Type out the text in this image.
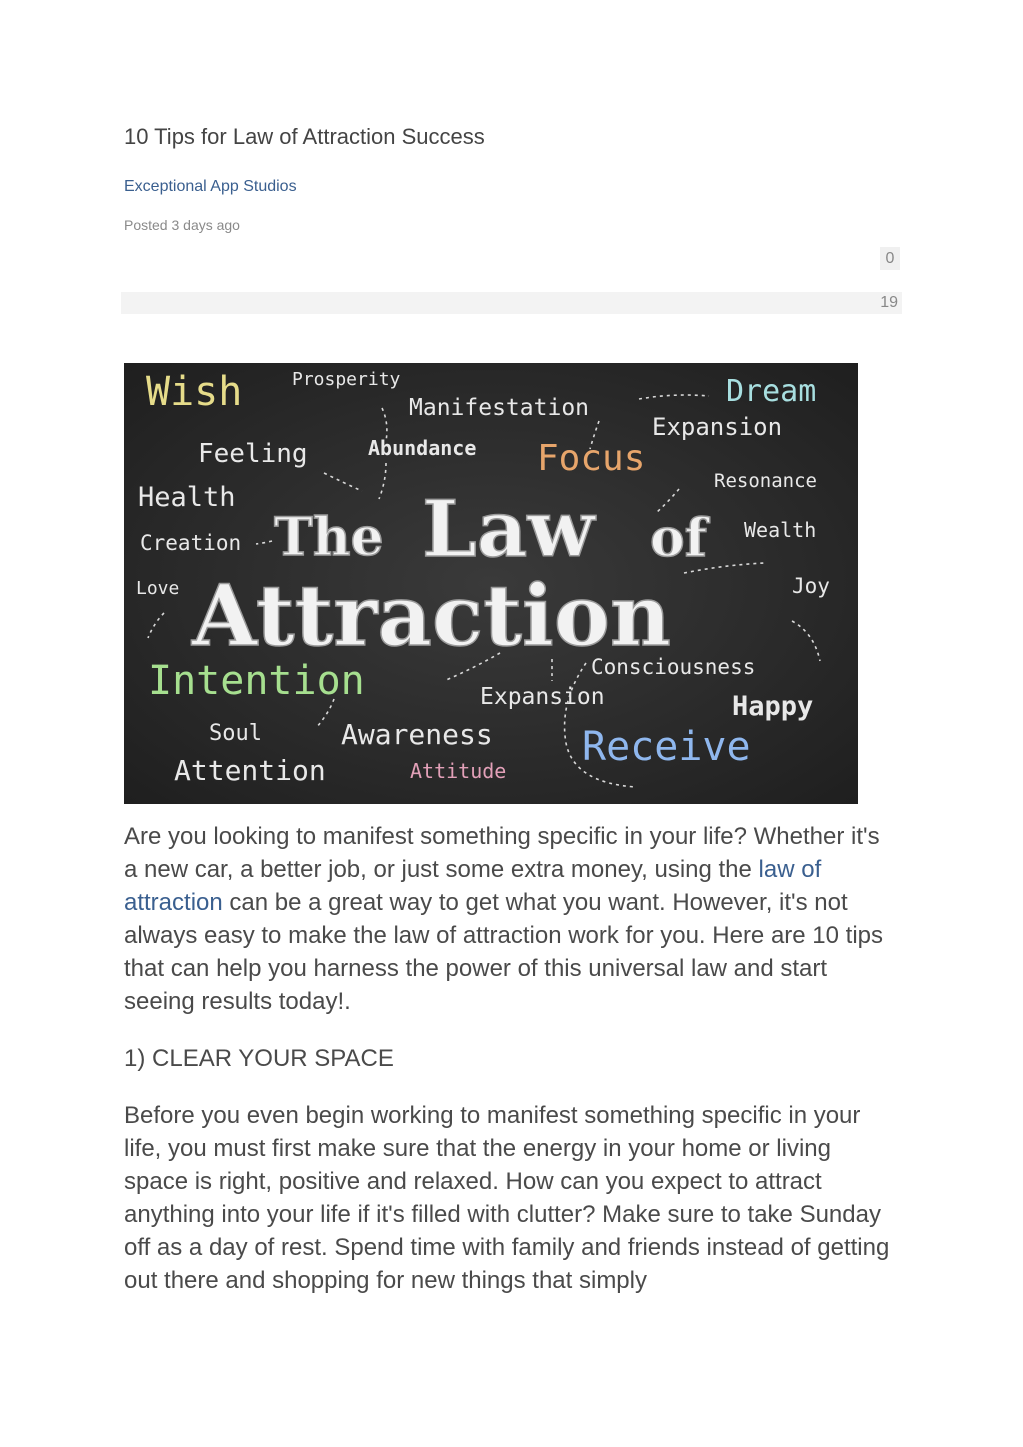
10 Tips for Law of Attraction Success
Exceptional App Studios
Posted 3 days ago
0
19
Wish	Prosperity
Manifestation	Dream
Expansion
Feeling	Abundance Focus
Resonance
Health
Creation
Wealth
Love	Joy
Intention	Consciousness
Expansion	Happy
Soul	Awareness Receive
Attention	Attitude
The Law of
Attraction

Are you looking to manifest something specific in your life? Whether it's a new car, a better job, or just some extra money, using the law of attraction can be a great way to get what you want. However, it's not always easy to make the law of attraction work for you. Here are 10 tips that can help you harness the power of this universal law and start seeing results today!.

1) CLEAR YOUR SPACE

Before you even begin working to manifest something specific in your life, you must first make sure that the energy in your home or living space is right, positive and relaxed. How can you expect to attract anything into your life if it's filled with clutter? Make sure to take Sunday off as a day of rest. Spend time with family and friends instead of getting out there and shopping for new things that simply
